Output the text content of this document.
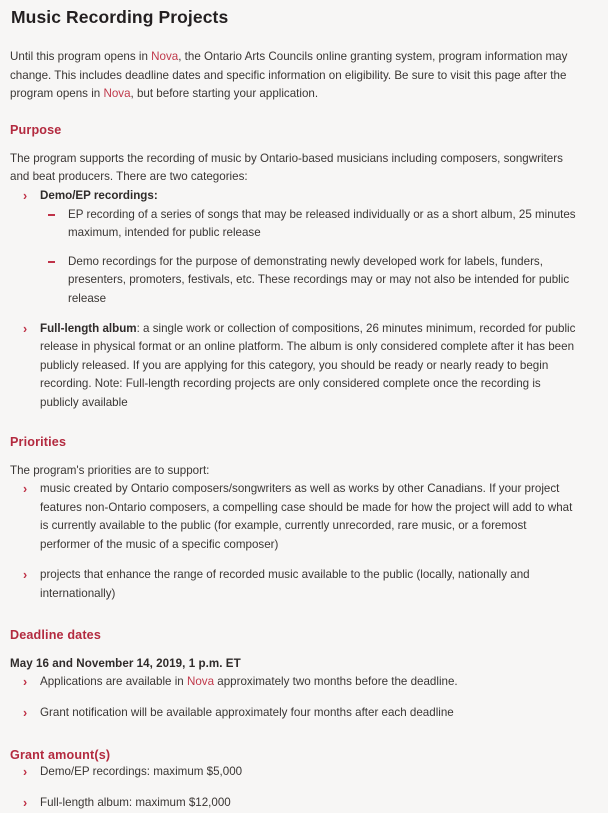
Music Recording Projects

Until this program opens in Nova, the Ontario Arts Councils online granting system, program information may change. This includes deadline dates and specific information on eligibility. Be sure to visit this page after the program opens in Nova, but before starting your application.

Purpose

The program supports the recording of music by Ontario-based musicians including composers, songwriters and beat producers. There are two categories:

› Demo/EP recordings:
EP recording of a series of songs that may be released individually or as a short album, 25 minutes maximum, intended for public release
Demo recordings for the purpose of demonstrating newly developed work for labels, funders, presenters, promoters, festivals, etc. These recordings may or may not also be intended for public release
› Full-length album: a single work or collection of compositions, 26 minutes minimum, recorded for public release in physical format or an online platform. The album is only considered complete after it has been publicly released. If you are applying for this category, you should be ready or nearly ready to begin recording. Note: Full-length recording projects are only considered complete once the recording is publicly available
Priorities

The program's priorities are to support:

› music created by Ontario composers/songwriters as well as works by other Canadians. If your project features non-Ontario composers, a compelling case should be made for how the project will add to what is currently available to the public (for example, currently unrecorded, rare music, or a foremost performer of the music of a specific composer)
› projects that enhance the range of recorded music available to the public (locally, nationally and internationally)
Deadline dates

May 16 and November 14, 2019, 1 p.m. ET

› Applications are available in Nova approximately two months before the deadline.
› Grant notification will be available approximately four months after each deadline
Grant amount(s)
› Demo/EP recordings: maximum $5,000
› Full-length album: maximum $12,000
